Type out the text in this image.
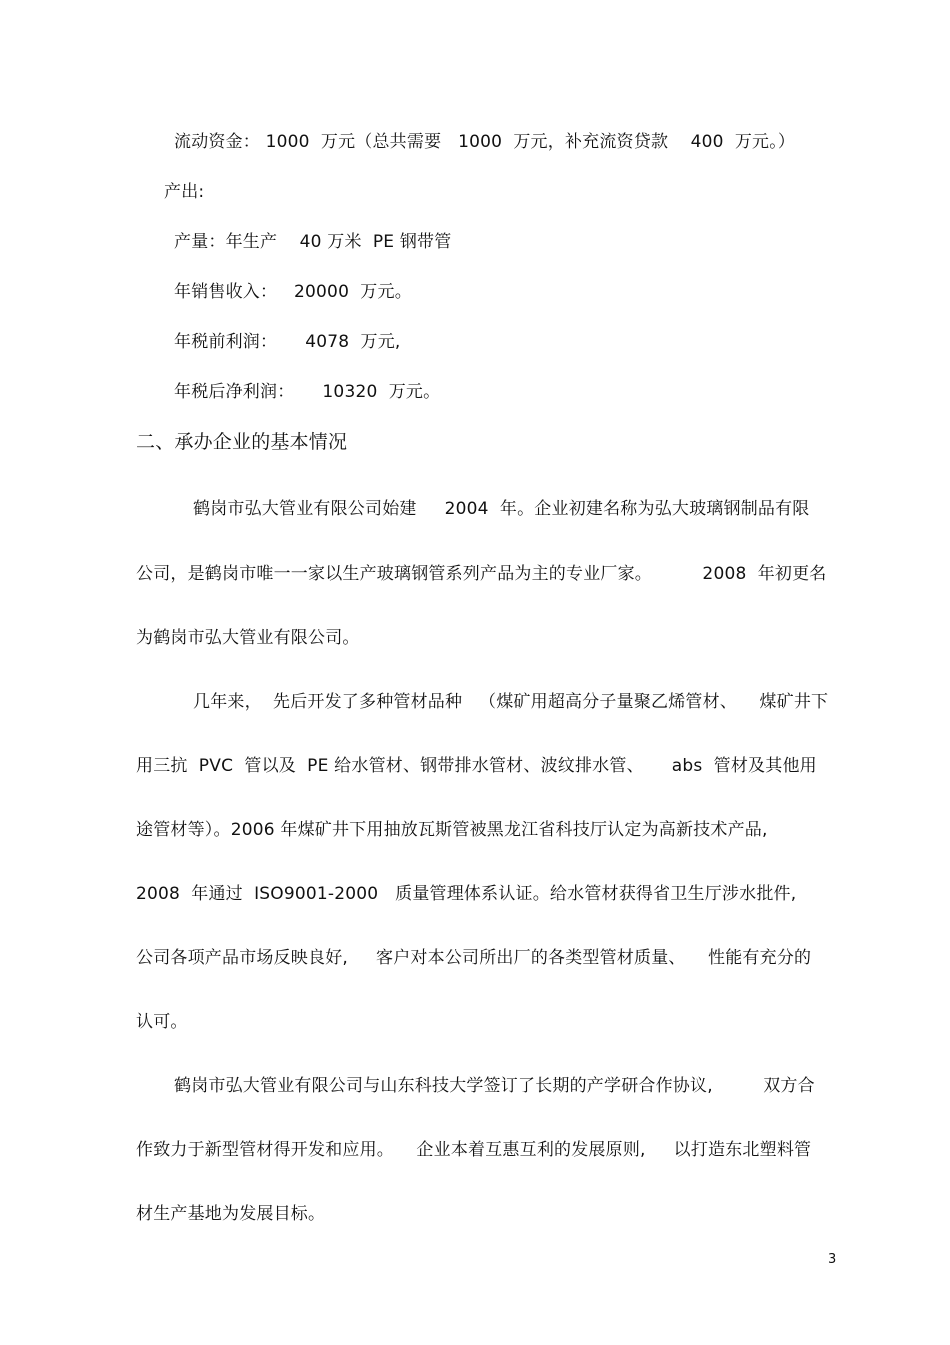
流动资金： 1000  万元（总共需要   1000  万元，补充流资贷款    400  万元。）
产出:
产量：年生产    40 万米  PE 钢带管
年销售收入：   20000  万元。
年税前利润：     4078  万元,
年税后净利润：     10320  万元。
二、承办企业的基本情况
鹤岗市弘大管业有限公司始建     2004  年。企业初建名称为弘大玻璃钢制品有限
公司，是鹤岗市唯一一家以生产玻璃钢管系列产品为主的专业厂家。         2008  年初更名
为鹤岗市弘大管业有限公司。
几年来，  先后开发了多种管材品种   （煤矿用超高分子量聚乙烯管材、    煤矿井下
用三抗  PVC  管以及  PE 给水管材、钢带排水管材、波纹排水管、     abs  管材及其他用
途管材等）。2006 年煤矿井下用抽放瓦斯管被黑龙江省科技厅认定为高新技术产品,
2008  年通过  ISO9001-2000   质量管理体系认证。给水管材获得省卫生厅涉水批件,
公司各项产品市场反映良好,     客户对本公司所出厂的各类型管材质量、    性能有充分的
认可。
鹤岗市弘大管业有限公司与山东科技大学签订了长期的产学研合作协议,         双方合
作致力于新型管材得开发和应用。    企业本着互惠互利的发展原则,     以打造东北塑料管
材生产基地为发展目标。
3
